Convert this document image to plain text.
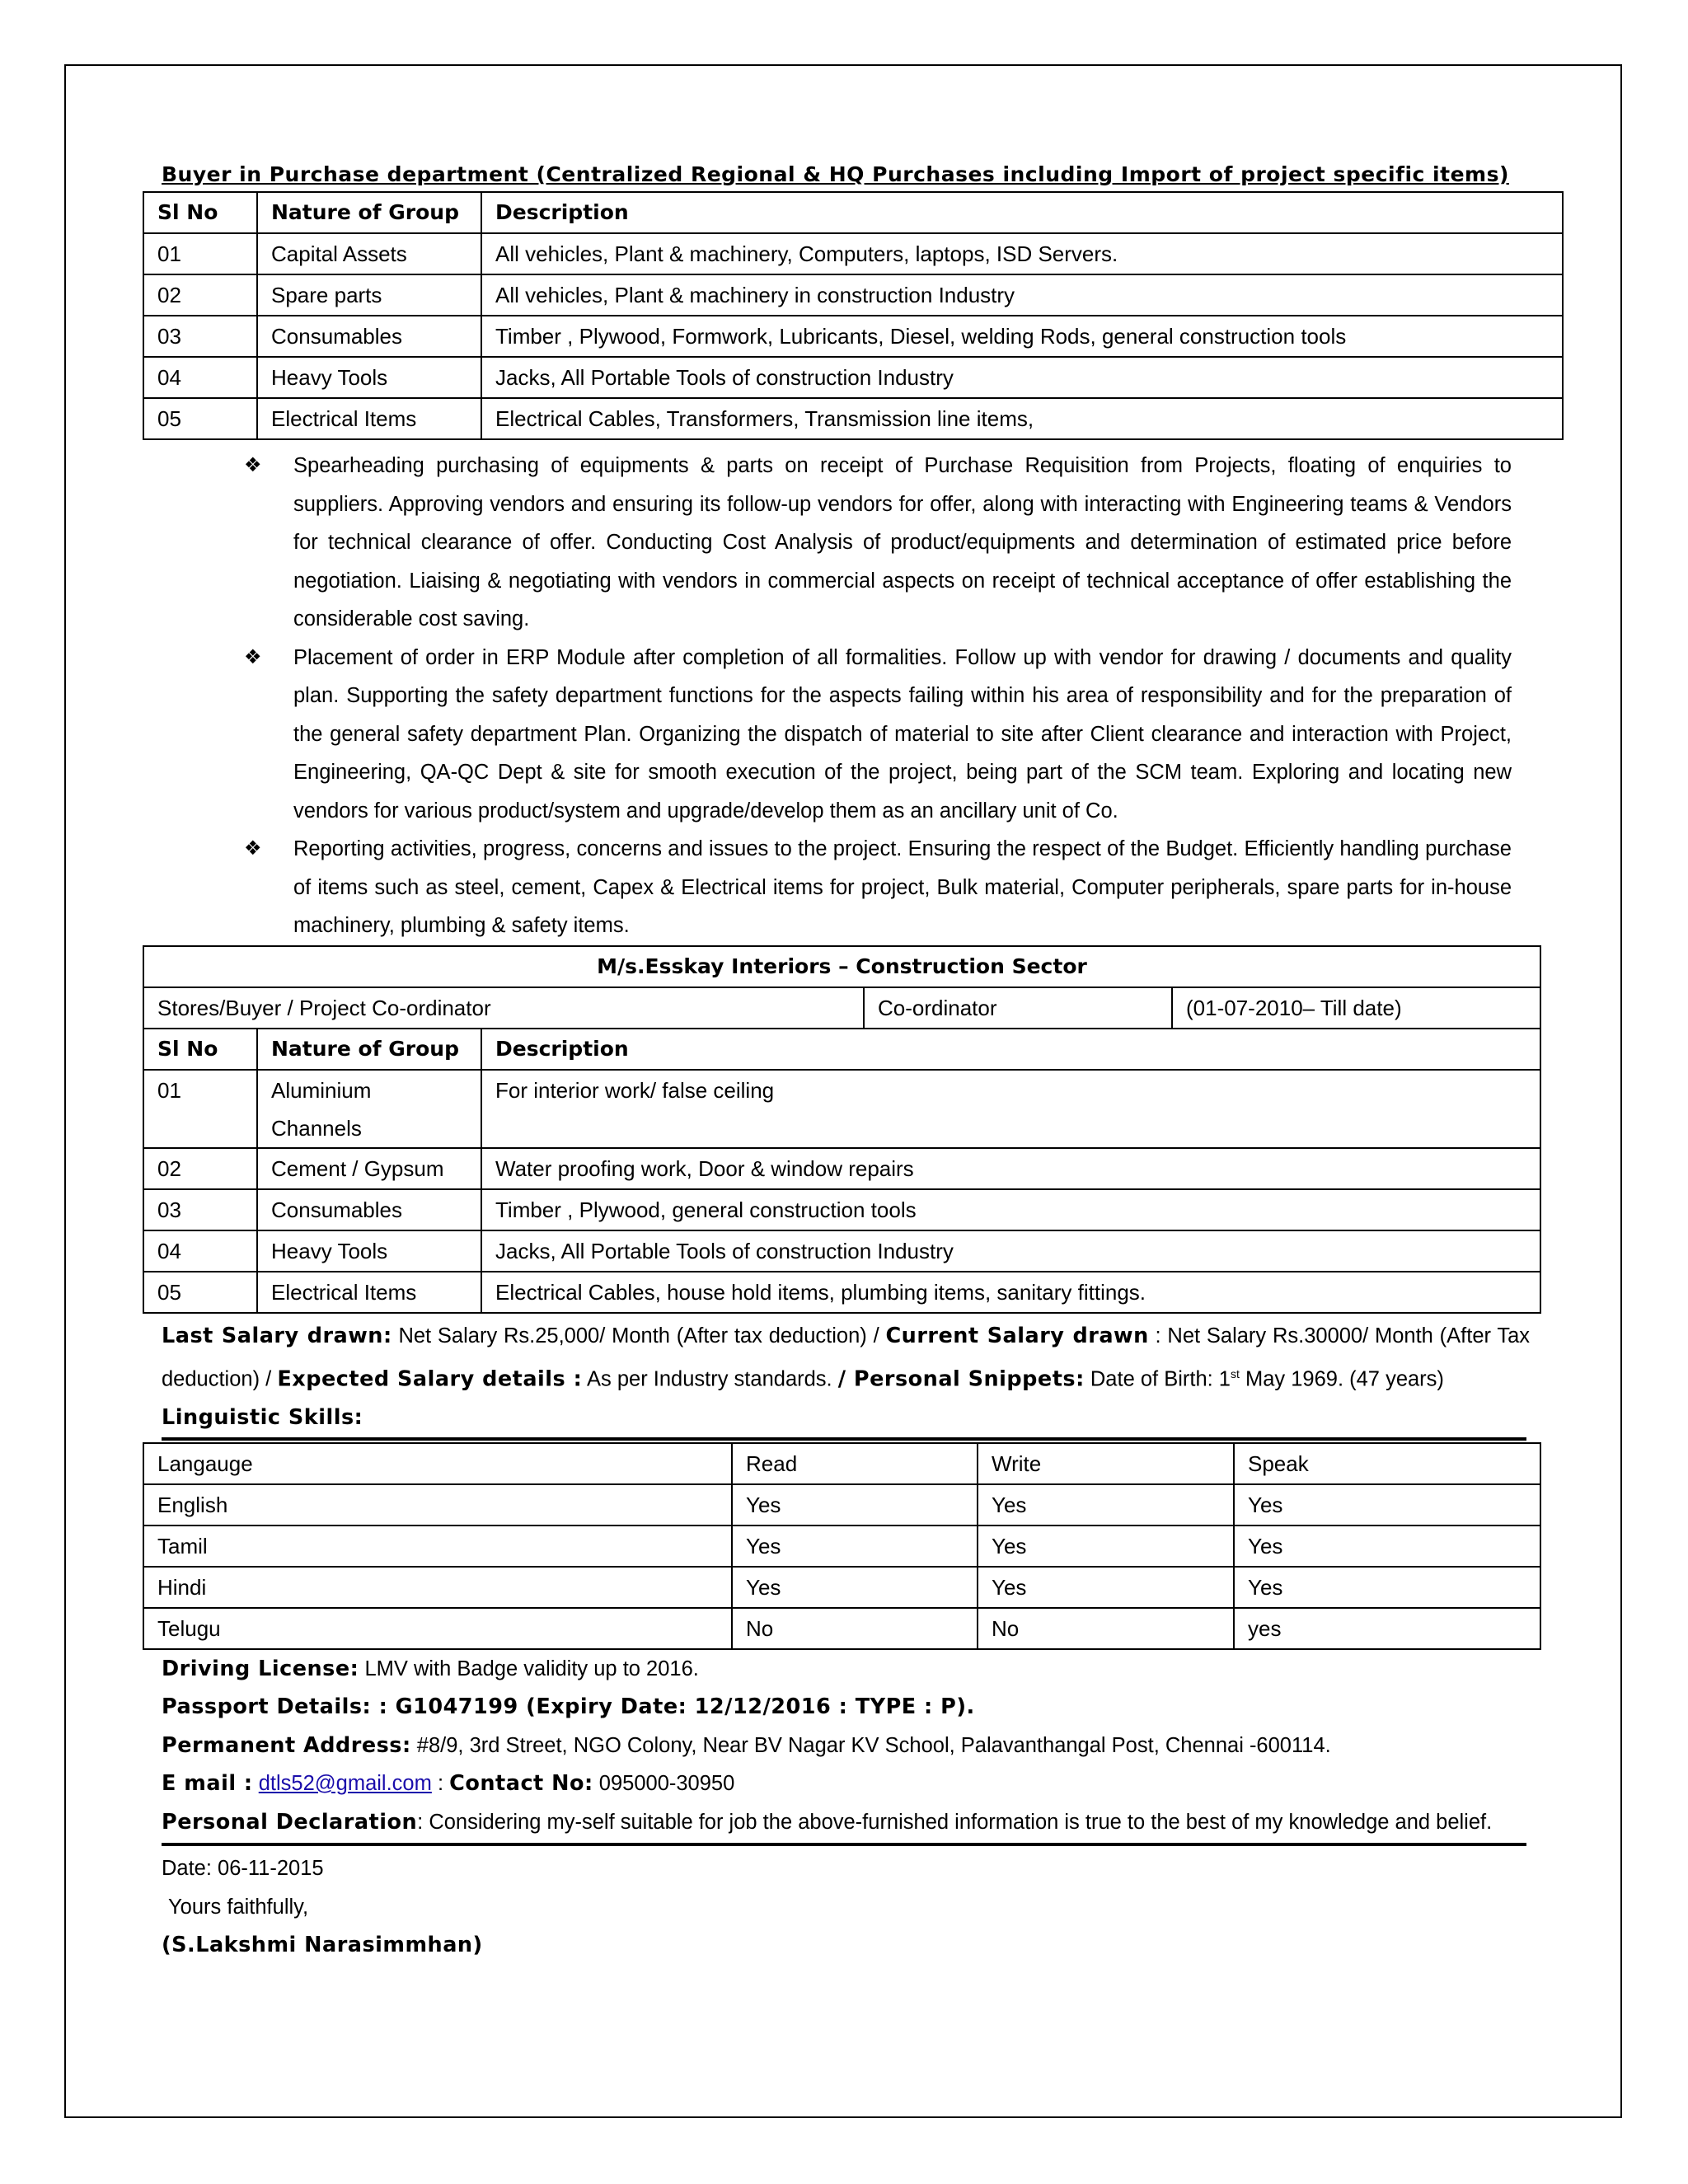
Buyer in Purchase department (Centralized Regional & HQ Purchases including Import of project specific items)
Sl No	Nature of Group	Description
01	Capital Assets	All vehicles, Plant & machinery, Computers, laptops, ISD Servers.
02	Spare parts	All vehicles, Plant & machinery in construction Industry
03	Consumables	Timber , Plywood, Formwork, Lubricants, Diesel, welding Rods, general construction tools
04	Heavy Tools	Jacks, All Portable Tools of construction Industry
05	Electrical Items	Electrical Cables, Transformers, Transmission line items,
❖ Spearheading purchasing of equipments & parts on receipt of Purchase Requisition from Projects, floating of enquiries to suppliers. Approving vendors and ensuring its follow-up vendors for offer, along with interacting with Engineering teams & Vendors for technical clearance of offer. Conducting Cost Analysis of product/equipments and determination of estimated price before negotiation. Liaising & negotiating with vendors in commercial aspects on receipt of technical acceptance of offer establishing the considerable cost saving.
❖ Placement of order in ERP Module after completion of all formalities. Follow up with vendor for drawing / documents and quality plan. Supporting the safety department functions for the aspects failing within his area of responsibility and for the preparation of the general safety department Plan. Organizing the dispatch of material to site after Client clearance and interaction with Project, Engineering, QA-QC Dept & site for smooth execution of the project, being part of the SCM team. Exploring and locating new vendors for various product/system and upgrade/develop them as an ancillary unit of Co.
❖ Reporting activities, progress, concerns and issues to the project. Ensuring the respect of the Budget. Efficiently handling purchase of items such as steel, cement, Capex & Electrical items for project, Bulk material, Computer peripherals, spare parts for in-house machinery, plumbing & safety items.
M/s.Esskay Interiors – Construction Sector				
Stores/Buyer / Project Co-ordinator			Co-ordinator	(01-07-2010– Till date)
Sl No	Nature of Group	Description		
01	Aluminium Channels	For interior work/ false ceiling		
02	Cement / Gypsum	Water proofing work, Door & window repairs		
03	Consumables	Timber , Plywood, general construction tools		
04	Heavy Tools	Jacks, All Portable Tools of construction Industry		
05	Electrical Items	Electrical Cables, house hold items, plumbing items, sanitary fittings.		
Last Salary drawn: Net Salary Rs.25,000/ Month (After tax deduction) / Current Salary drawn : Net Salary Rs.30000/ Month (After Tax deduction) / Expected Salary details : As per Industry standards. / Personal Snippets: Date of Birth: 1st May 1969. (47 years)
Linguistic Skills:
Langauge	Read	Write	Speak
English	Yes	Yes	Yes
Tamil	Yes	Yes	Yes
Hindi	Yes	Yes	Yes
Telugu	No	No	yes
Driving License: LMV with Badge validity up to 2016.
Passport Details: : G1047199 (Expiry Date: 12/12/2016 : TYPE : P).
Permanent Address: #8/9, 3rd Street, NGO Colony, Near BV Nagar KV School, Palavanthangal Post, Chennai -600114.
E mail : dtls52@gmail.com : Contact No: 095000-30950
Personal Declaration: Considering my-self suitable for job the above-furnished information is true to the best of my knowledge and belief.
Date: 06-11-2015
Yours faithfully,
(S.Lakshmi Narasimmhan)
